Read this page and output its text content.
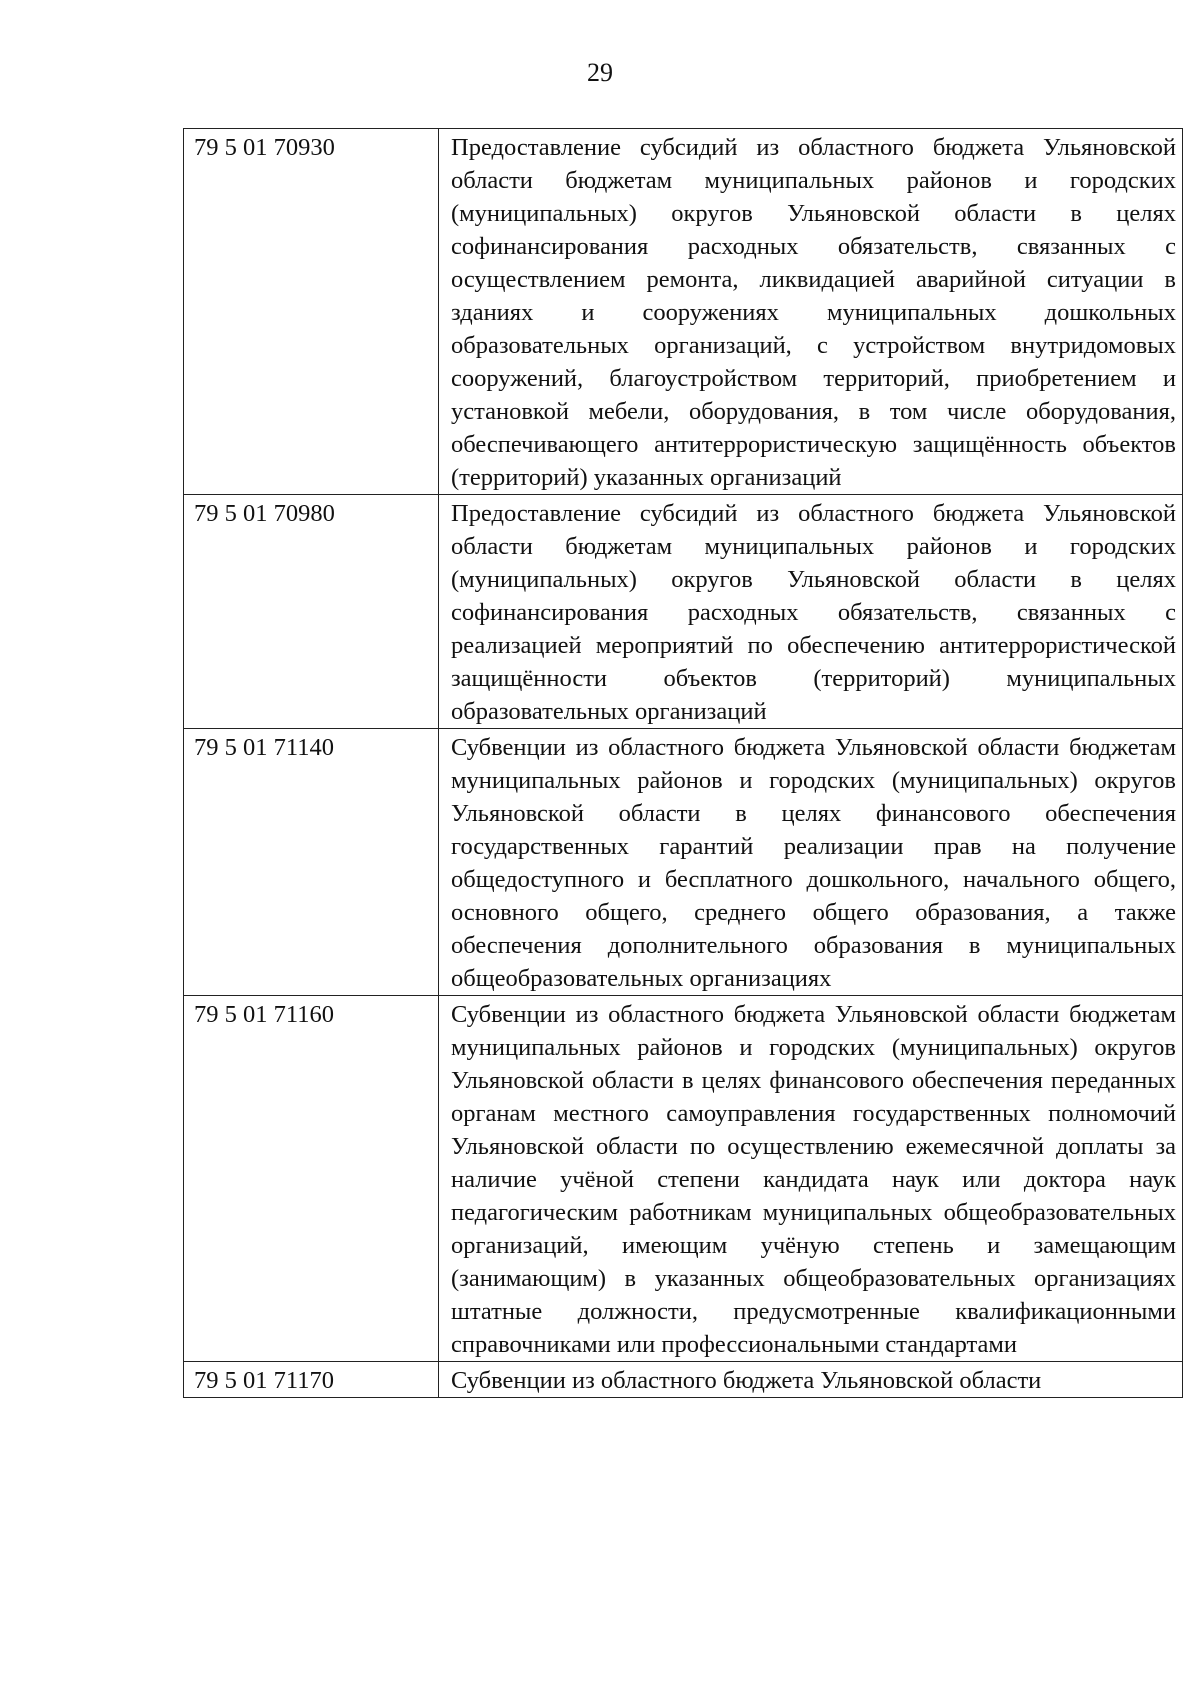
29
79 5 01 70930	Предоставление субсидий из областного бюджета Ульяновской области бюджетам муниципальных районов и городских (муниципальных) округов Ульяновской области в целях софинансирования расходных обязательств, связанных с осуществлением ремонта, ликвидацией аварийной ситуации в зданиях и сооружениях муниципальных дошкольных образовательных организаций, с устройством внутридомовых сооружений, благоустройством территорий, приобретением и установкой мебели, оборудования, в том числе оборудования, обеспечивающего антитеррористическую защищённость объектов (территорий) указанных организаций
79 5 01 70980	Предоставление субсидий из областного бюджета Ульяновской области бюджетам муниципальных районов и городских (муниципальных) округов Ульяновской области в целях софинансирования расходных обязательств, связанных с реализацией мероприятий по обеспечению антитеррористической защищённости объектов (территорий) муниципальных образовательных организаций
79 5 01 71140	Субвенции из областного бюджета Ульяновской области бюджетам муниципальных районов и городских (муниципальных) округов Ульяновской области в целях финансового обеспечения государственных гарантий реализации прав на получение общедоступного и бесплатного дошкольного, начального общего, основного общего, среднего общего образования, а также обеспечения дополнительного образования в муниципальных общеобразовательных организациях
79 5 01 71160	Субвенции из областного бюджета Ульяновской области бюджетам муниципальных районов и городских (муниципальных) округов Ульяновской области в целях финансового обеспечения переданных органам местного самоуправления государственных полномочий Ульяновской области по осуществлению ежемесячной доплаты за наличие учёной степени кандидата наук или доктора наук педагогическим работникам муниципальных общеобразовательных организаций, имеющим учёную степень и замещающим (занимающим) в указанных общеобразовательных организациях штатные должности, предусмотренные квалификационными справочниками или профессиональными стандартами
79 5 01 71170	Субвенции из областного бюджета Ульяновской области
